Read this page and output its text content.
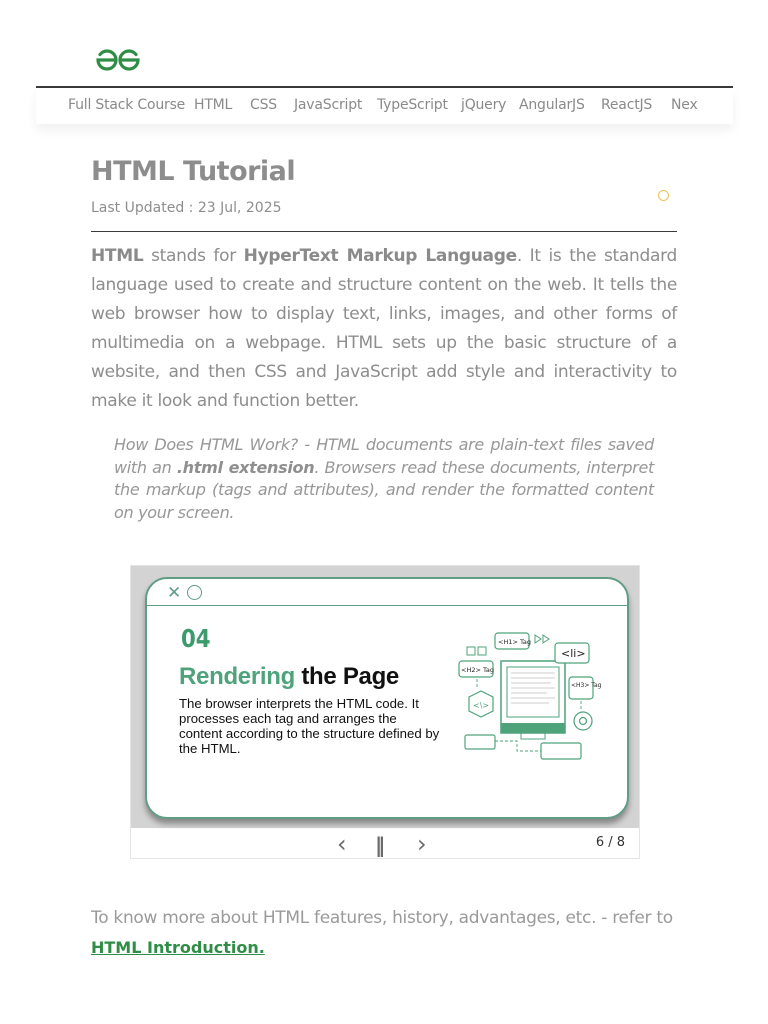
Full Stack Course HTML CSS JavaScript TypeScript jQuery AngularJS ReactJS Nex
HTML Tutorial
Last Updated : 23 Jul, 2025
HTML stands for HyperText Markup Language. It is the standard language used to create and structure content on the web. It tells the web browser how to display text, links, images, and other forms of multimedia on a webpage. HTML sets up the basic structure of a website, and then CSS and JavaScript add style and interactivity to make it look and function better.
How Does HTML Work? - HTML documents are plain-text files saved with an .html extension. Browsers read these documents, interpret the markup (tags and attributes), and render the formatted content on your screen.
✕
04
Rendering the Page
The browser interprets the HTML code. It processes each tag and arranges the content according to the structure defined by the HTML.
<H1> Tag
<H2> Tag
<li>
<H3> Tag
<\>
‹ ‖ ›	6 / 8
To know more about HTML features, history, advantages, etc. - refer to
HTML Introduction.
